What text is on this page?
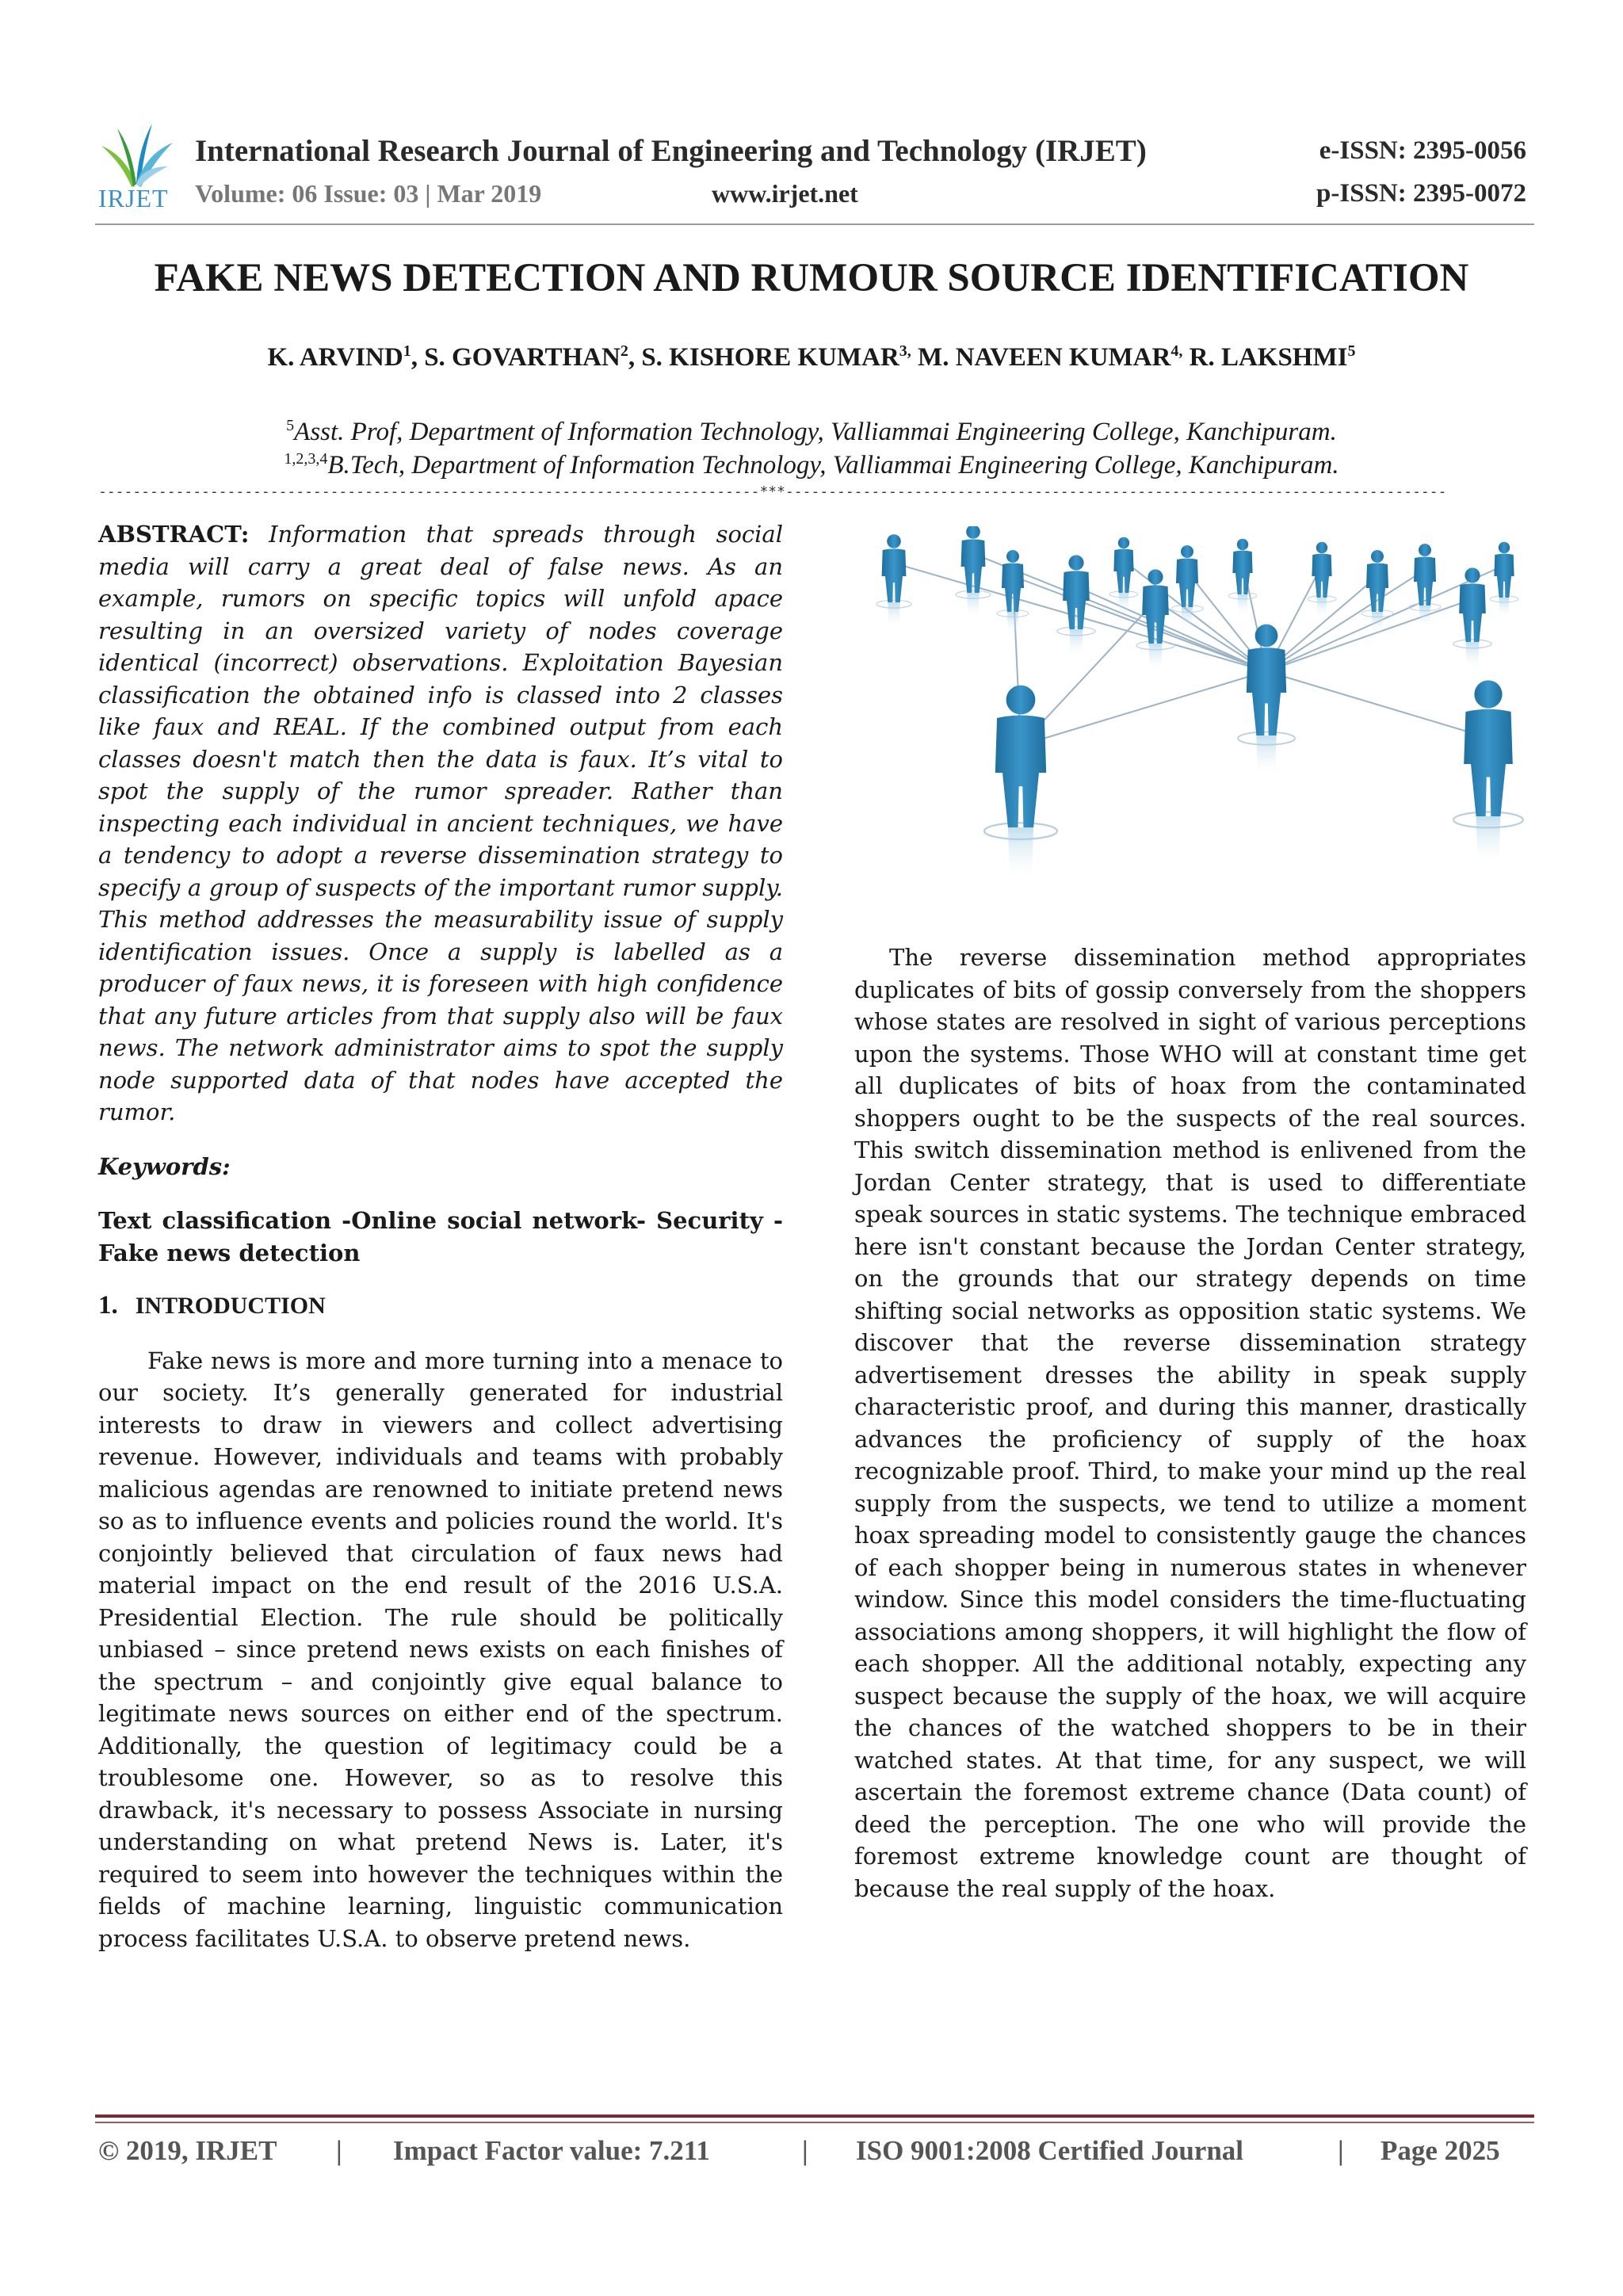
IRJET
International Research Journal of Engineering and Technology (IRJET)	e-ISSN: 2395-0056
Volume: 06 Issue: 03 | Mar 2019	www.irjet.net	p-ISSN: 2395-0072
FAKE NEWS DETECTION AND RUMOUR SOURCE IDENTIFICATION
K. ARVIND$^1$, S. GOVARTHAN$^2$, S. KISHORE $KUMAR^{3,}$ M. NAVEEN $KUMAR^{4,}$ R. LAKSHMI$^5$
$^5$Asst. Prof, Department of Information Technology, Valliammai Engineering College, Kanchipuram.
$^{1,2,3,4}$B.Tech, Department of Information Technology, Valliammai Engineering College, Kanchipuram.
-----------------------------------------------------------------------------***-----------------------------------------------------------------------------

ABSTRACT: Information that spreads through social media will carry a great deal of false news. As an example, rumors on specific topics will unfold apace resulting in an oversized variety of nodes coverage identical (incorrect) observations. Exploitation Bayesian classification the obtained info is classed into 2 classes like faux and REAL. If the combined output from each classes doesn't match then the data is faux. It’s vital to spot the supply of the rumor spreader. Rather than inspecting each individual in ancient techniques, we have a tendency to adopt a reverse dissemination strategy to specify a group of suspects of the important rumor supply. This method addresses the measurability issue of supply identification issues. Once a supply is labelled as a producer of faux news, it is foreseen with high confidence that any future articles from that supply also will be faux news. The network administrator aims to spot the supply node supported data of that nodes have accepted the rumor.

Keywords:

Text classification -Online social network- Security - Fake news detection

1. INTRODUCTION

Fake news is more and more turning into a menace to our society. It’s generally generated for industrial interests to draw in viewers and collect advertising revenue. However, individuals and teams with probably malicious agendas are renowned to initiate pretend news so as to influence events and policies round the world. It's conjointly believed that circulation of faux news had material impact on the end result of the 2016 U.S.A. Presidential Election. The rule should be politically unbiased – since pretend news exists on each finishes of the spectrum – and conjointly give equal balance to legitimate news sources on either end of the spectrum. Additionally, the question of legitimacy could be a troublesome one. However, so as to resolve this drawback, it's necessary to possess Associate in nursing understanding on what pretend News is. Later, it's required to seem into however the techniques within the fields of machine learning, linguistic communication process facilitates U.S.A. to observe pretend news.

The reverse dissemination method appropriates duplicates of bits of gossip conversely from the shoppers whose states are resolved in sight of various perceptions upon the systems. Those WHO will at constant time get all duplicates of bits of hoax from the contaminated shoppers ought to be the suspects of the real sources. This switch dissemination method is enlivened from the Jordan Center strategy, that is used to differentiate speak sources in static systems. The technique embraced here isn't constant because the Jordan Center strategy, on the grounds that our strategy depends on time shifting social networks as opposition static systems. We discover that the reverse dissemination strategy advertisement dresses the ability in speak supply characteristic proof, and during this manner, drastically advances the proficiency of supply of the hoax recognizable proof. Third, to make your mind up the real supply from the suspects, we tend to utilize a moment hoax spreading model to consistently gauge the chances of each shopper being in numerous states in whenever window. Since this model considers the time-fluctuating associations among shoppers, it will highlight the flow of each shopper. All the additional notably, expecting any suspect because the supply of the hoax, we will acquire the chances of the watched shoppers to be in their watched states. At that time, for any suspect, we will ascertain the foremost extreme chance (Data count) of deed the perception. The one who will provide the foremost extreme knowledge count are thought of because the real supply of the hoax.

© 2019, IRJET | Impact Factor value: 7.211	| ISO 9001:2008 Certified Journal	| Page 2025
